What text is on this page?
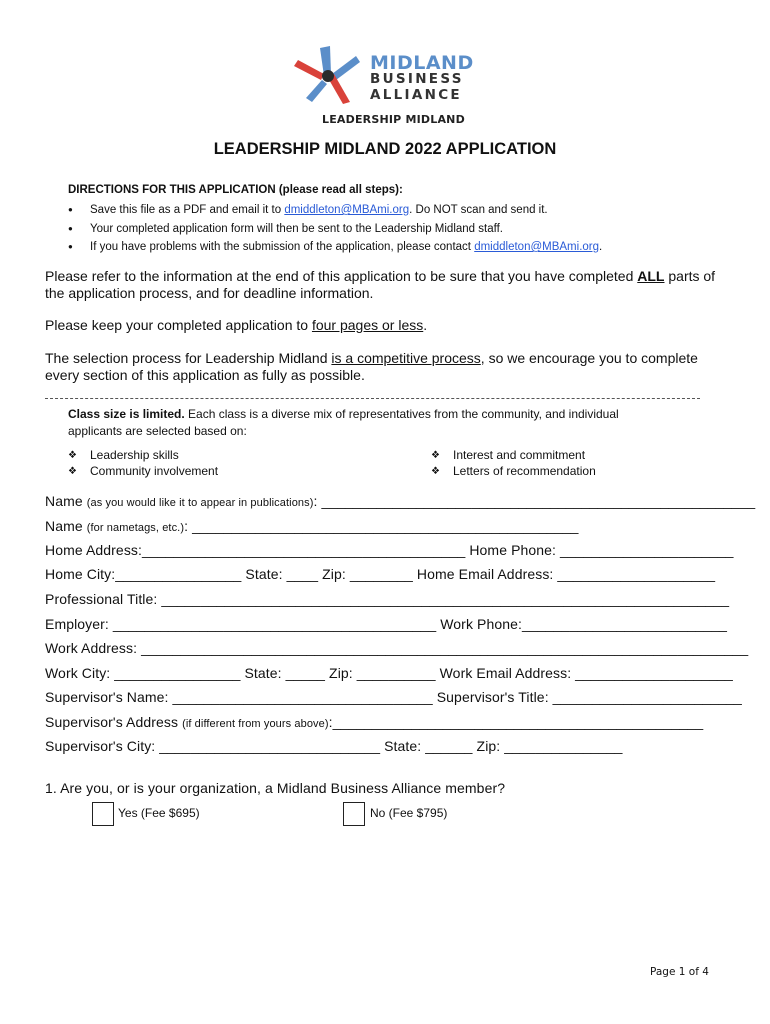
MIDLAND
BUSINESS
ALLIANCE
LEADERSHIP MIDLAND
LEADERSHIP MIDLAND 2022 APPLICATION
DIRECTIONS FOR THIS APPLICATION (please read all steps):
● Save this file as a PDF and email it to dmiddleton@MBAmi.org. Do NOT scan and send it.
● Your completed application form will then be sent to the Leadership Midland staff.
● If you have problems with the submission of the application, please contact dmiddleton@MBAmi.org.
Please refer to the information at the end of this application to be sure that you have completed ALL parts of the application process, and for deadline information.
Please keep your completed application to four pages or less.
The selection process for Leadership Midland is a competitive process, so we encourage you to complete every section of this application as fully as possible.
Class size is limited. Each class is a diverse mix of representatives from the community, and individual applicants are selected based on:
❖ Leadership skills
❖ Community involvement
❖ Interest and commitment
❖ Letters of recommendation
Name (as you would like it to appear in publications): _______________________________________________________
Name (for nametags, etc.): _________________________________________________
Home Address:_________________________________________ Home Phone: ______________________
Home City:________________ State: ____ Zip: ________ Home Email Address: ____________________
Professional Title: ________________________________________________________________________
Employer: _________________________________________ Work Phone:__________________________
Work Address: _____________________________________________________________________________
Work City: ________________ State: _____ Zip: __________ Work Email Address: ____________________
Supervisor's Name: _________________________________ Supervisor's Title: ________________________
Supervisor's Address (if different from yours above):_______________________________________________
Supervisor's City: ____________________________ State: ______ Zip: _______________
1. Are you, or is your organization, a Midland Business Alliance member?
Yes (Fee $695)	No (Fee $795)
Page 1 of 4
